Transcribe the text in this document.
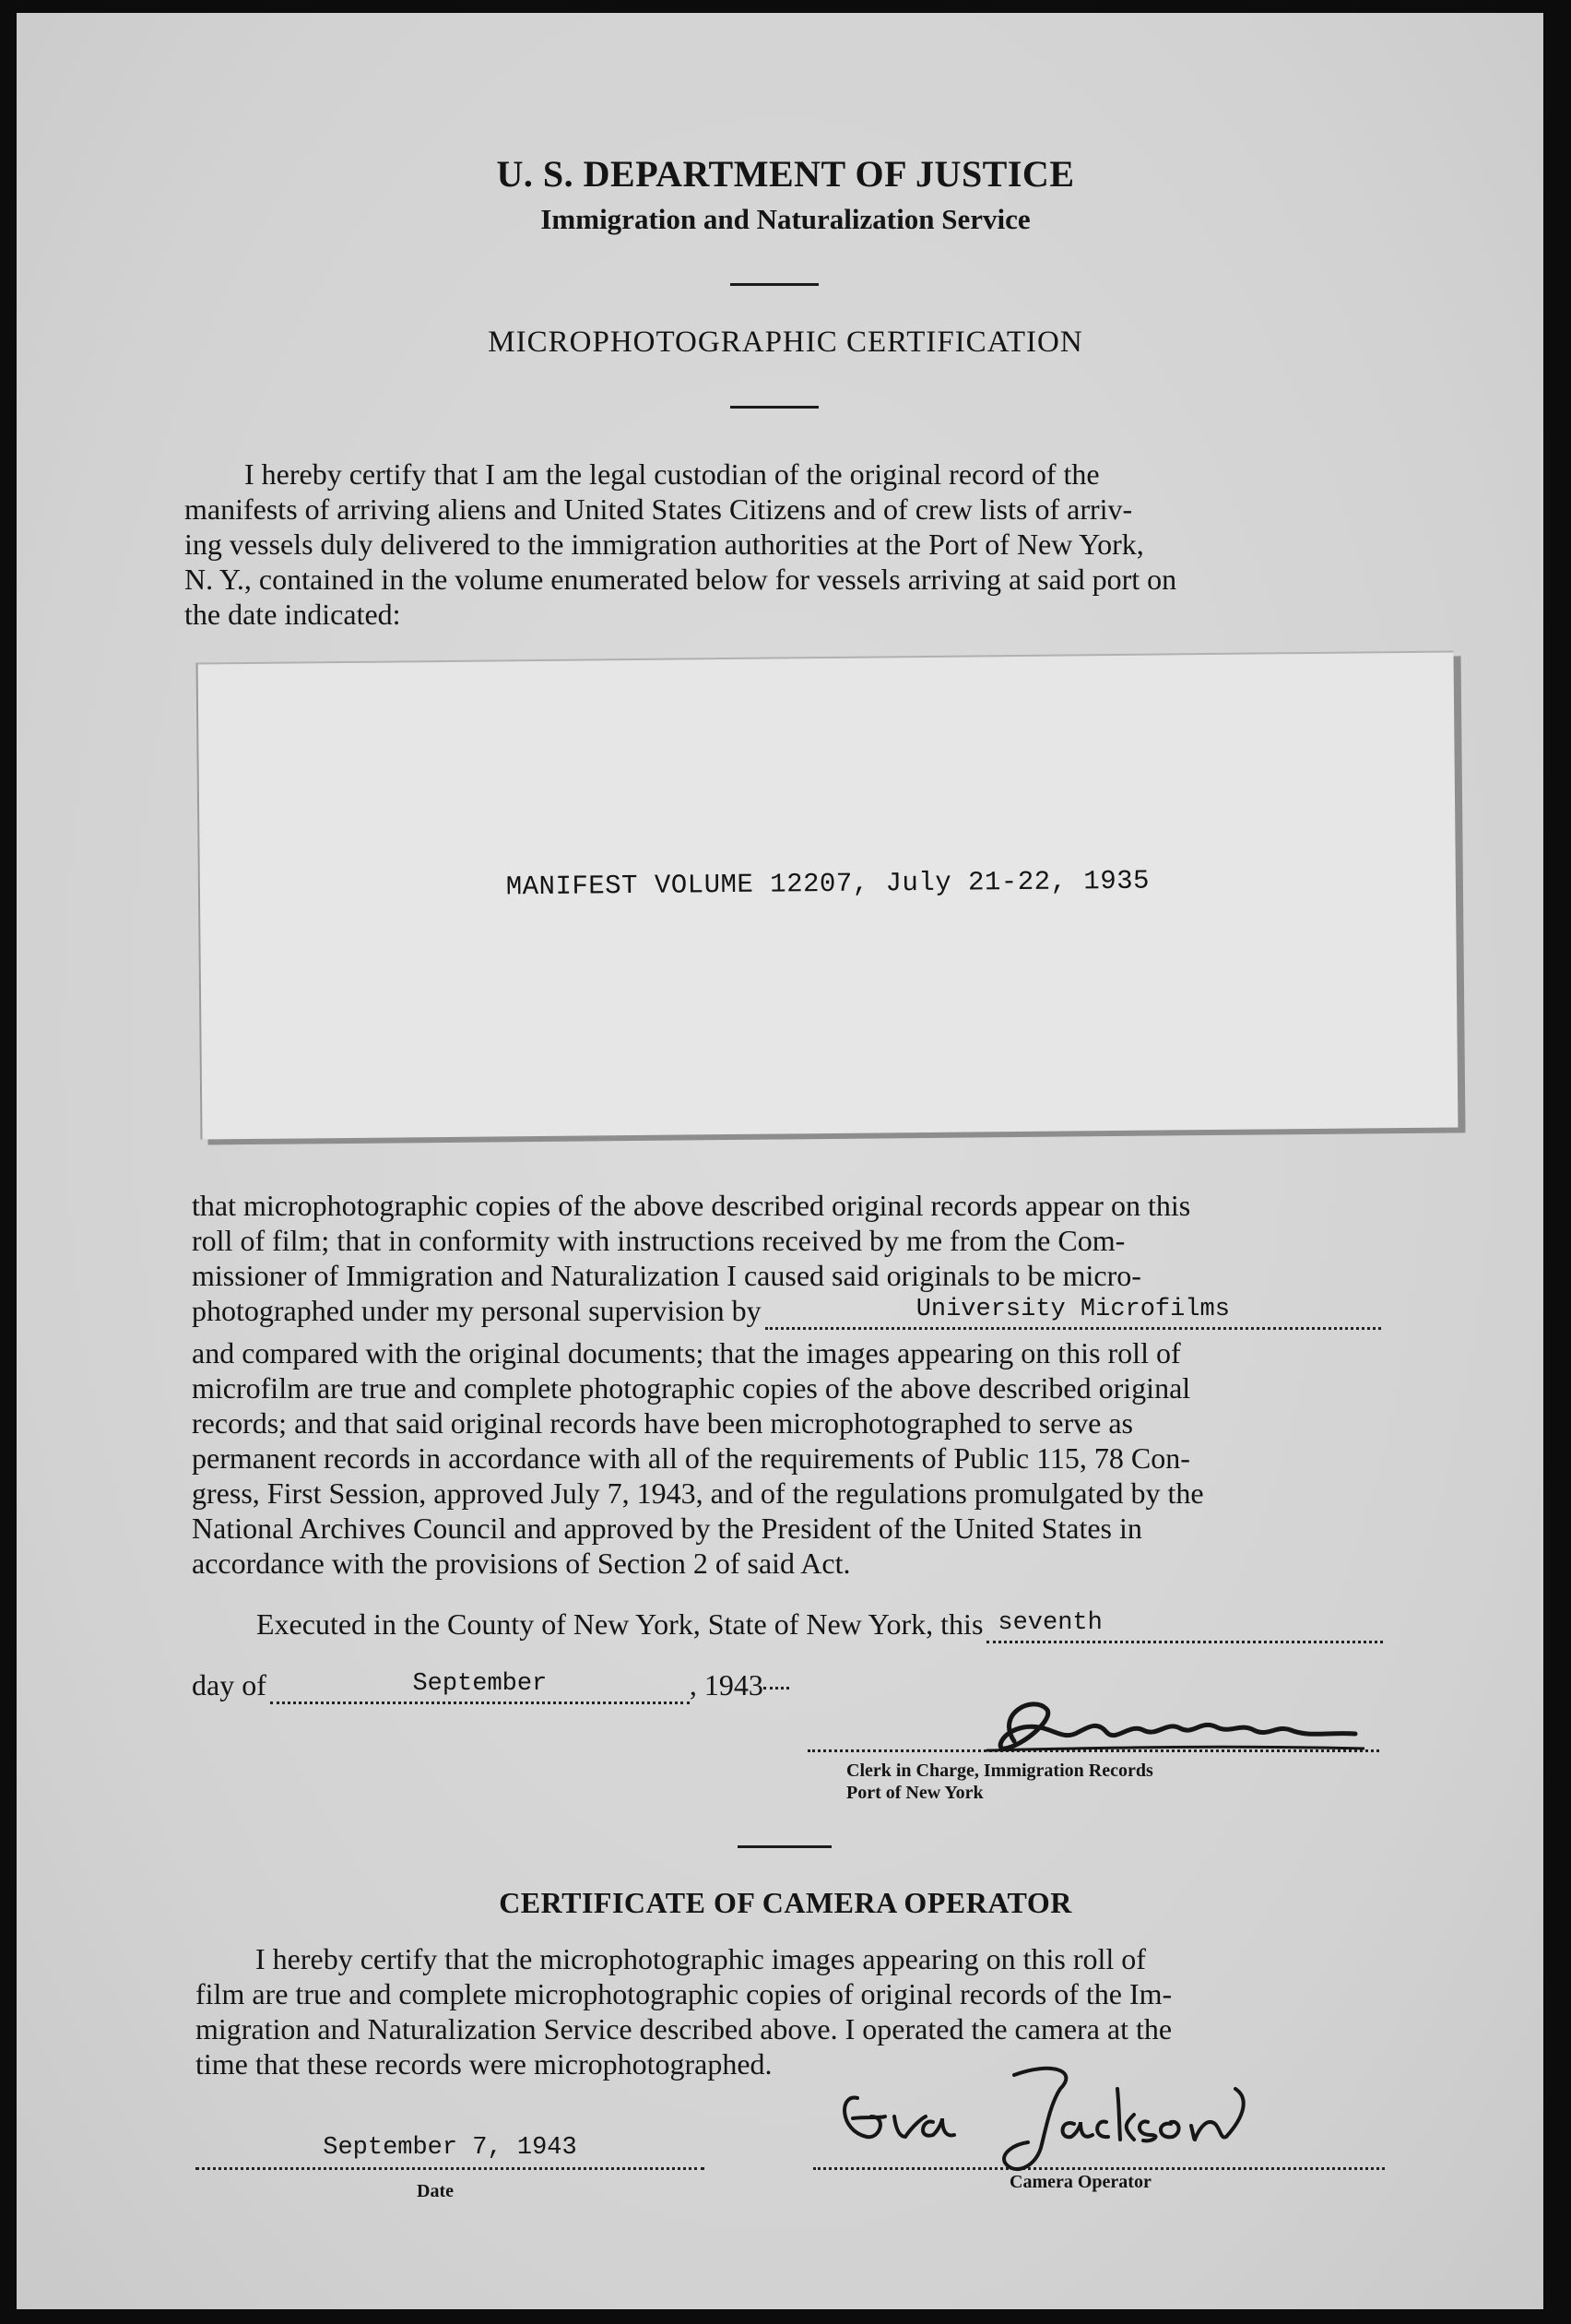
U. S. DEPARTMENT OF JUSTICE
Immigration and Naturalization Service
MICROPHOTOGRAPHIC CERTIFICATION
I hereby certify that I am the legal custodian of the original record of the
manifests of arriving aliens and United States Citizens and of crew lists of arriv-
ing vessels duly delivered to the immigration authorities at the Port of New York,
N. Y., contained in the volume enumerated below for vessels arriving at said port on
the date indicated:
MANIFEST VOLUME 12207, July 21-22, 1935
that microphotographic copies of the above described original records appear on this
roll of film; that in conformity with instructions received by me from the Com-
missioner of Immigration and Naturalization I caused said originals to be micro-
photographed under my personal supervision by	University Microfilms
and compared with the original documents; that the images appearing on this roll of
microfilm are true and complete photographic copies of the above described original
records; and that said original records have been microphotographed to serve as
permanent records in accordance with all of the requirements of Public 115, 78 Con-
gress, First Session, approved July 7, 1943, and of the regulations promulgated by the
National Archives Council and approved by the President of the United States in
accordance with the provisions of Section 2 of said Act.
Executed in the County of New York, State of New York, this seventh
day of	September	, 1943
Clerk in Charge, Immigration Records
Port of New York
CERTIFICATE OF CAMERA OPERATOR
I hereby certify that the microphotographic images appearing on this roll of
film are true and complete microphotographic copies of original records of the Im-
migration and Naturalization Service described above. I operated the camera at the
time that these records were microphotographed.
September 7, 1943
Date	Camera Operator
